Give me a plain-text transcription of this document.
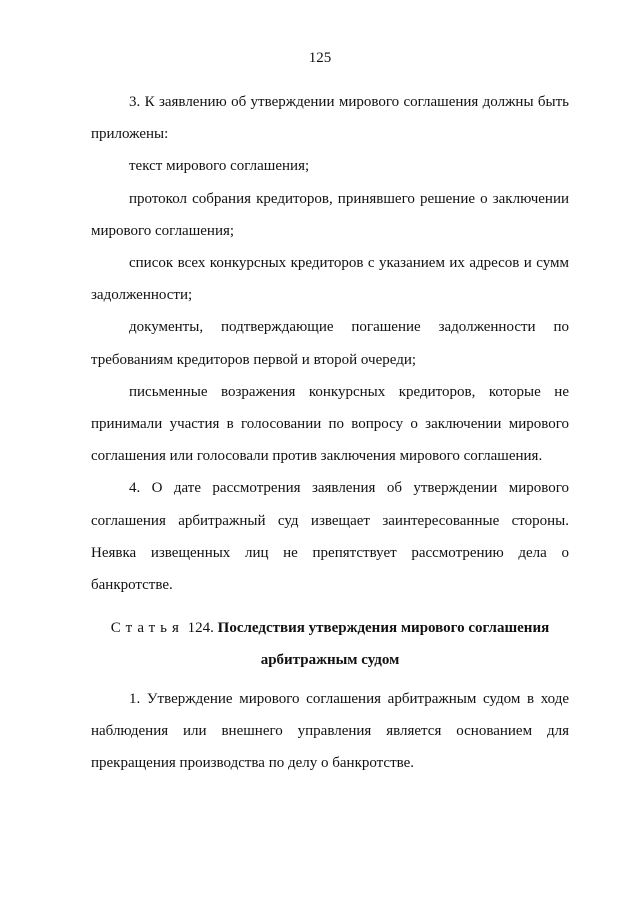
125

3. К заявлению об утверждении мирового соглашения должны быть приложены:

текст мирового соглашения;

протокол собрания кредиторов, принявшего решение о заключении мирового соглашения;

список всех конкурсных кредиторов с указанием их адресов и сумм задолженности;

документы, подтверждающие погашение задолженности по требованиям кредиторов первой и второй очереди;

письменные возражения конкурсных кредиторов, которые не принимали участия в голосовании по вопросу о заключении мирового соглашения или голосовали против заключения мирового соглашения.

4. О дате рассмотрения заявления об утверждении мирового соглашения арбитражный суд извещает заинтересованные стороны. Неявка извещенных лиц не препятствует рассмотрению дела о банкротстве.

Статья 124. Последствия утверждения мирового соглашения
арбитражным судом

1. Утверждение мирового соглашения арбитражным судом в ходе наблюдения или внешнего управления является основанием для прекращения производства по делу о банкротстве.
